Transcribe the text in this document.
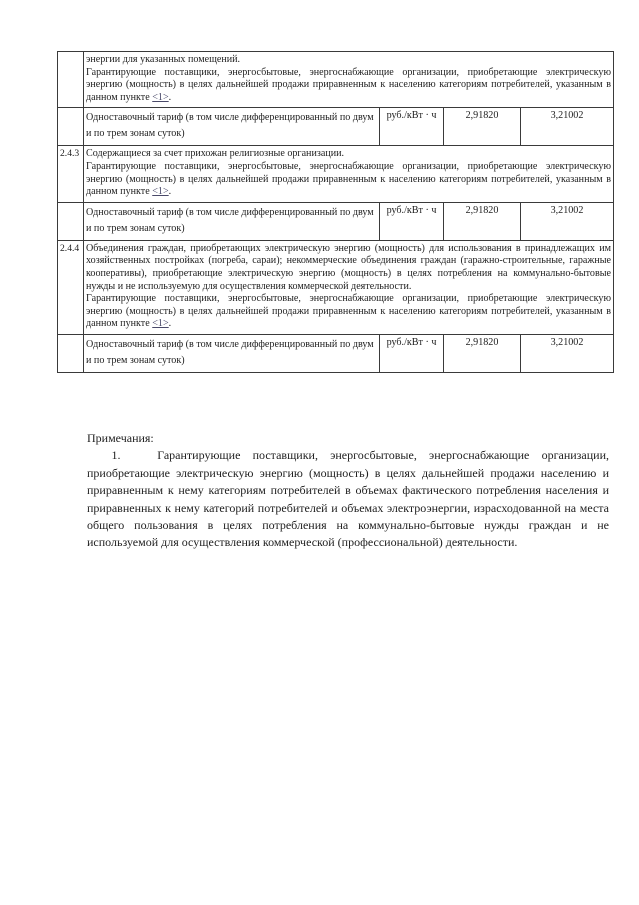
	энергии для указанных помещений.
Гарантирующие поставщики, энергосбытовые, энергоснабжающие организации, приобретающие электрическую энергию (мощность) в целях дальнейшей продажи приравненным к населению категориям потребителей, указанным в данном пункте <1>.			

	Одноставочный тариф (в том числе дифференцированный по двум и по трем зонам суток)	руб./кВт · ч	2,91820	3,21002
2.4.3	Содержащиеся за счет прихожан религиозные организации.
Гарантирующие поставщики, энергосбытовые, энергоснабжающие организации, приобретающие электрическую энергию (мощность) в целях дальнейшей продажи приравненным к населению категориям потребителей, указанным в данном пункте <1>.			

	Одноставочный тариф (в том числе дифференцированный по двум и по трем зонам суток)	руб./кВт · ч	2,91820	3,21002
2.4.4	Объединения граждан, приобретающих электрическую энергию (мощность) для использования в принадлежащих им хозяйственных постройках (погреба, сараи); некоммерческие объединения граждан (гаражно-строительные, гаражные кооперативы), приобретающие электрическую энергию (мощность) в целях потребления на коммунально-бытовые нужды и не используемую для осуществления коммерческой деятельности.
Гарантирующие поставщики, энергосбытовые, энергоснабжающие организации, приобретающие электрическую энергию (мощность) в целях дальнейшей продажи приравненным к населению категориям потребителей, указанным в данном пункте <1>.			

	Одноставочный тариф (в том числе дифференцированный по двум и по трем зонам суток)	руб./кВт · ч	2,91820	3,21002

Примечания:

1.	Гарантирующие поставщики, энергосбытовые, энергоснабжающие организации, приобретающие электрическую энергию (мощность) в целях дальнейшей продажи населению и приравненным к нему категориям потребителей в объемах фактического потребления населения и приравненных к нему категорий потребителей и объемах электроэнергии, израсходованной на места общего пользования в целях потребления на коммунально-бытовые нужды граждан и не используемой для осуществления коммерческой (профессиональной) деятельности.
